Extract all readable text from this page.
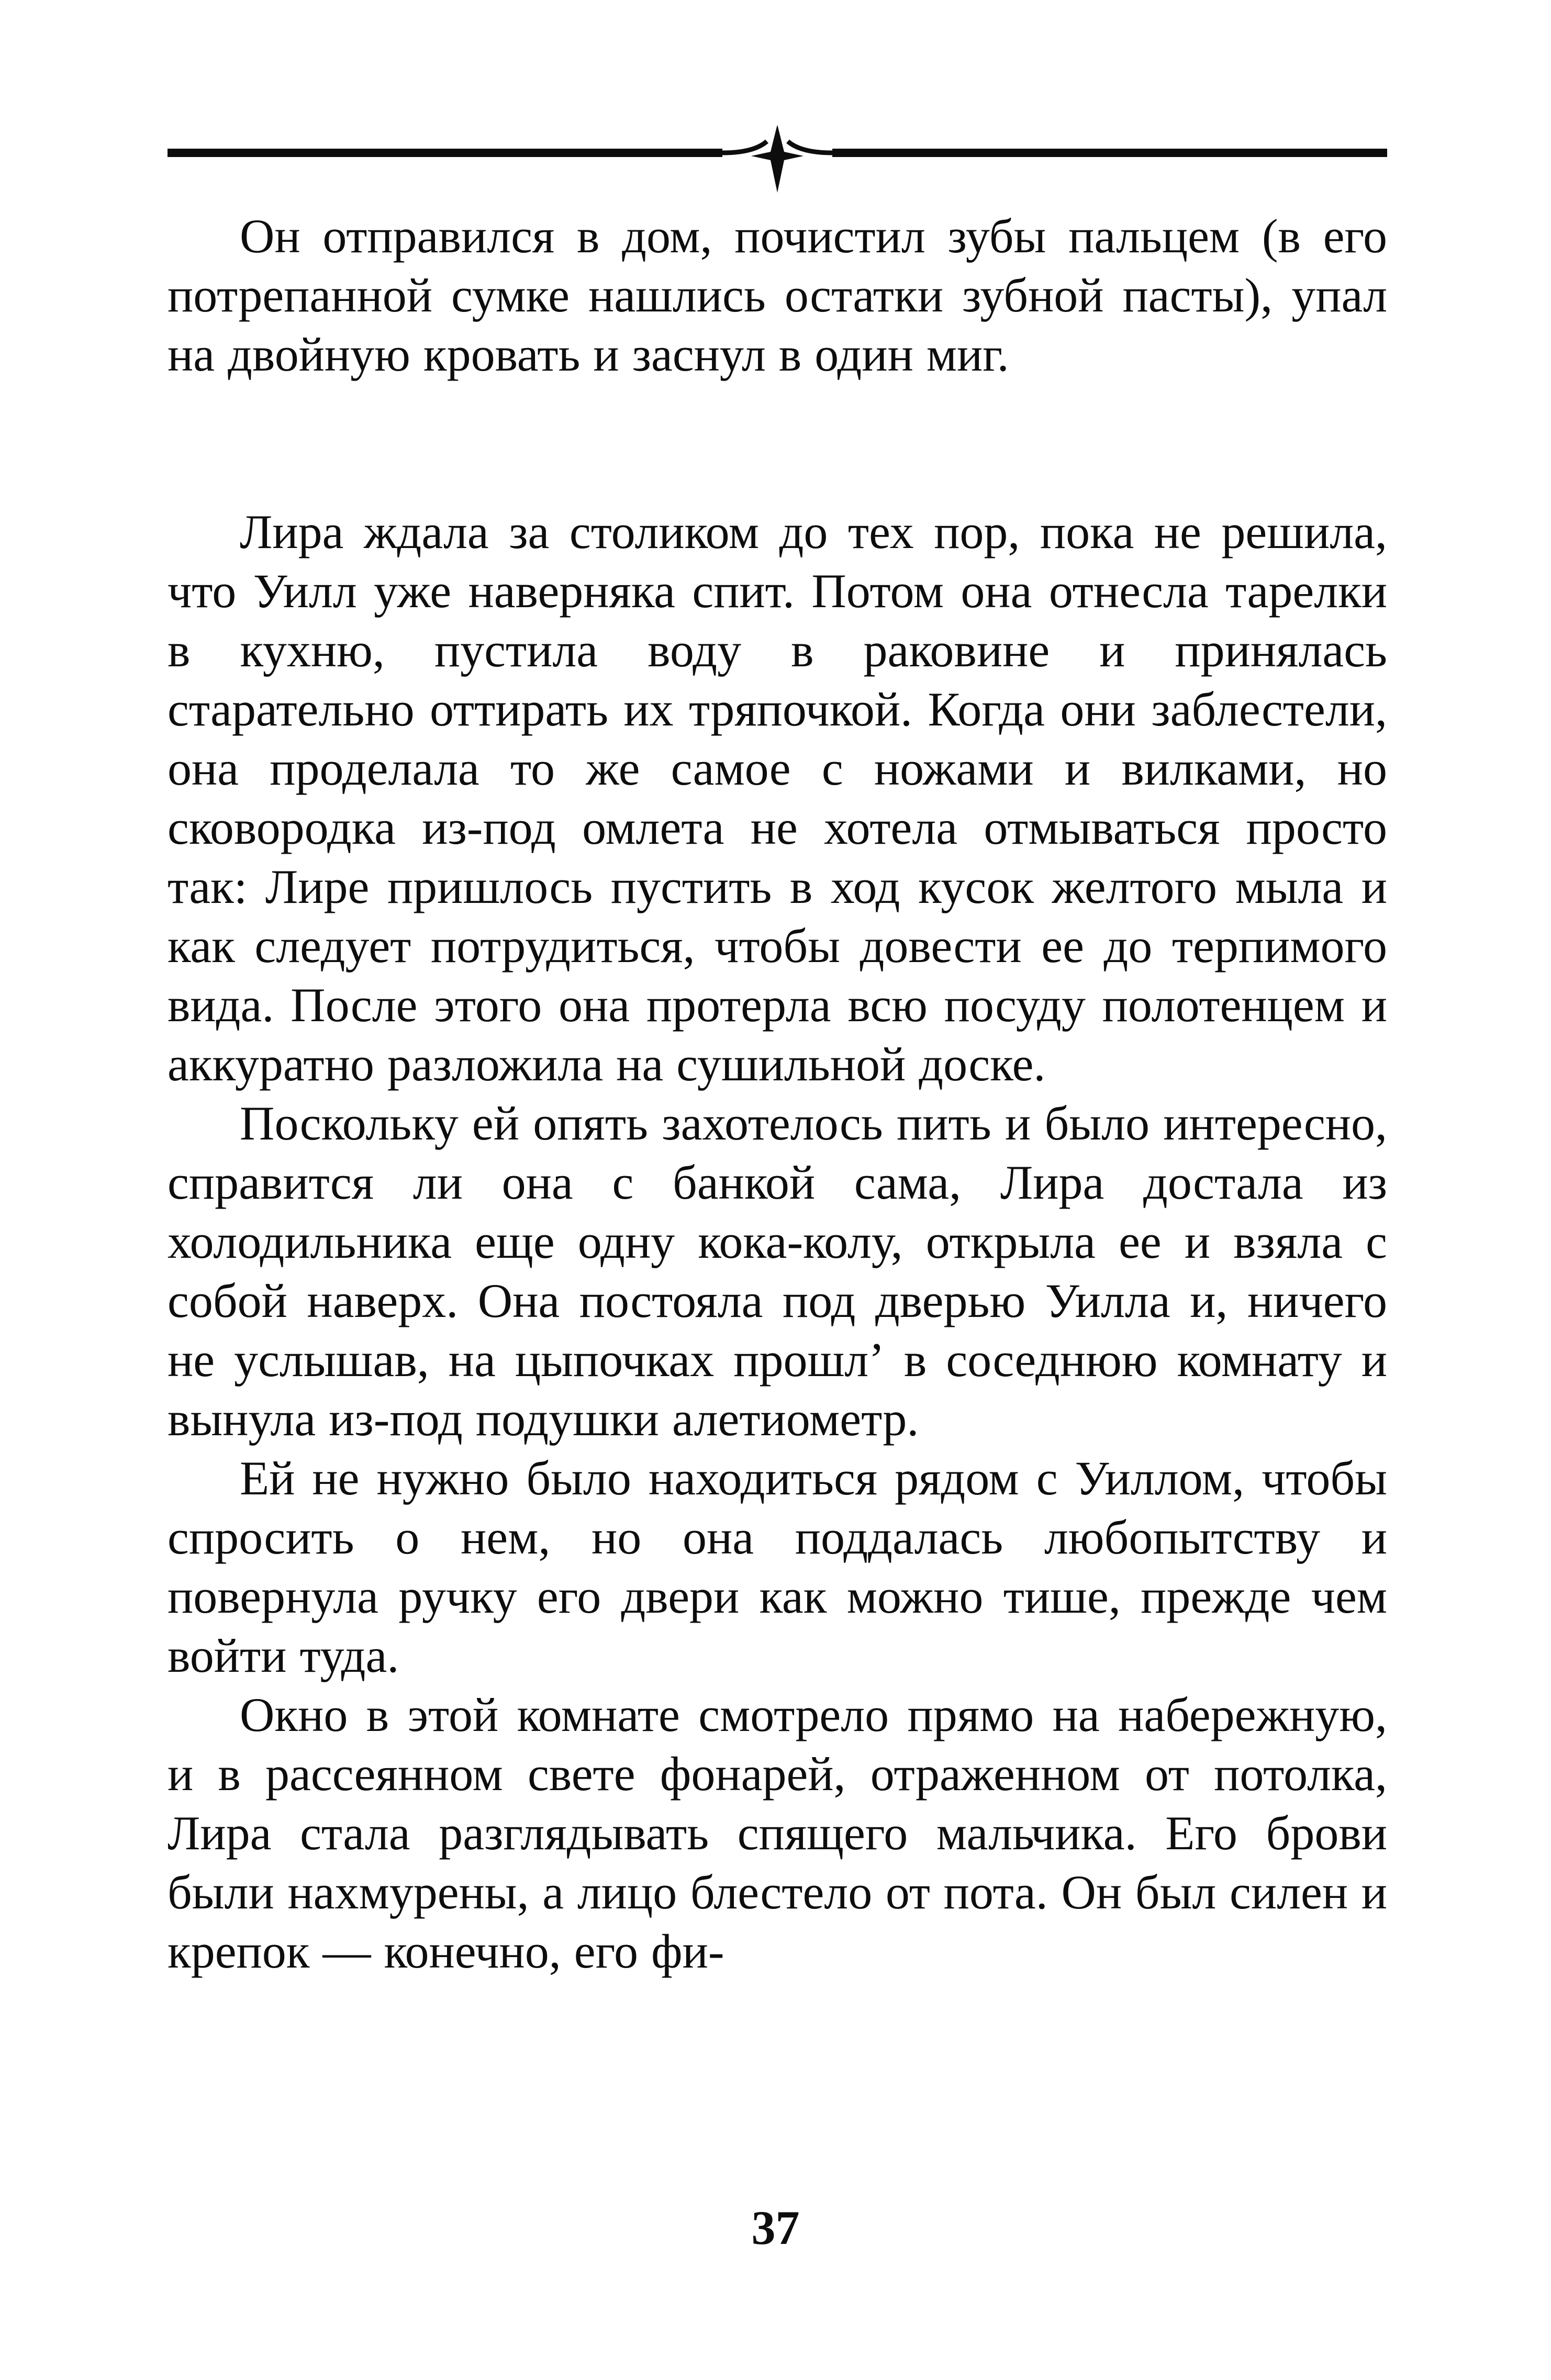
Он отправился в дом, почистил зубы пальцем (в его потрепанной сумке нашлись остатки зубной пасты), упал на двойную кровать и заснул в один миг.

Лира ждала за столиком до тех пор, пока не решила, что Уилл уже наверняка спит. Потом она отнесла тарелки в кухню, пустила воду в раковине и принялась старательно оттирать их тряпочкой. Когда они заблестели, она проделала то же самое с ножами и вилками, но сковородка из-под омлета не хотела отмываться просто так: Лире пришлось пустить в ход кусок желтого мыла и как следует потрудиться, чтобы довести ее до терпимого вида. После этого она протерла всю посуду полотенцем и аккуратно разложила на сушильной доске.

Поскольку ей опять захотелось пить и было интересно, справится ли она с банкой сама, Лира достала из холодильника еще одну кока-колу, открыла ее и взяла с собой наверх. Она постояла под дверью Уилла и, ничего не услышав, на цыпочках прошлʼ в соседнюю комнату и вынула из-под подушки алетиометр.

Ей не нужно было находиться рядом с Уиллом, чтобы спросить о нем, но она поддалась любопытству и повернула ручку его двери как можно тише, прежде чем войти туда.

Окно в этой комнате смотрело прямо на набережную, и в рассеянном свете фонарей, отраженном от потолка, Лира стала разглядывать спящего мальчика. Его брови были нахмурены, а лицо блестело от пота. Он был силен и крепок — конечно, его фи-

37
